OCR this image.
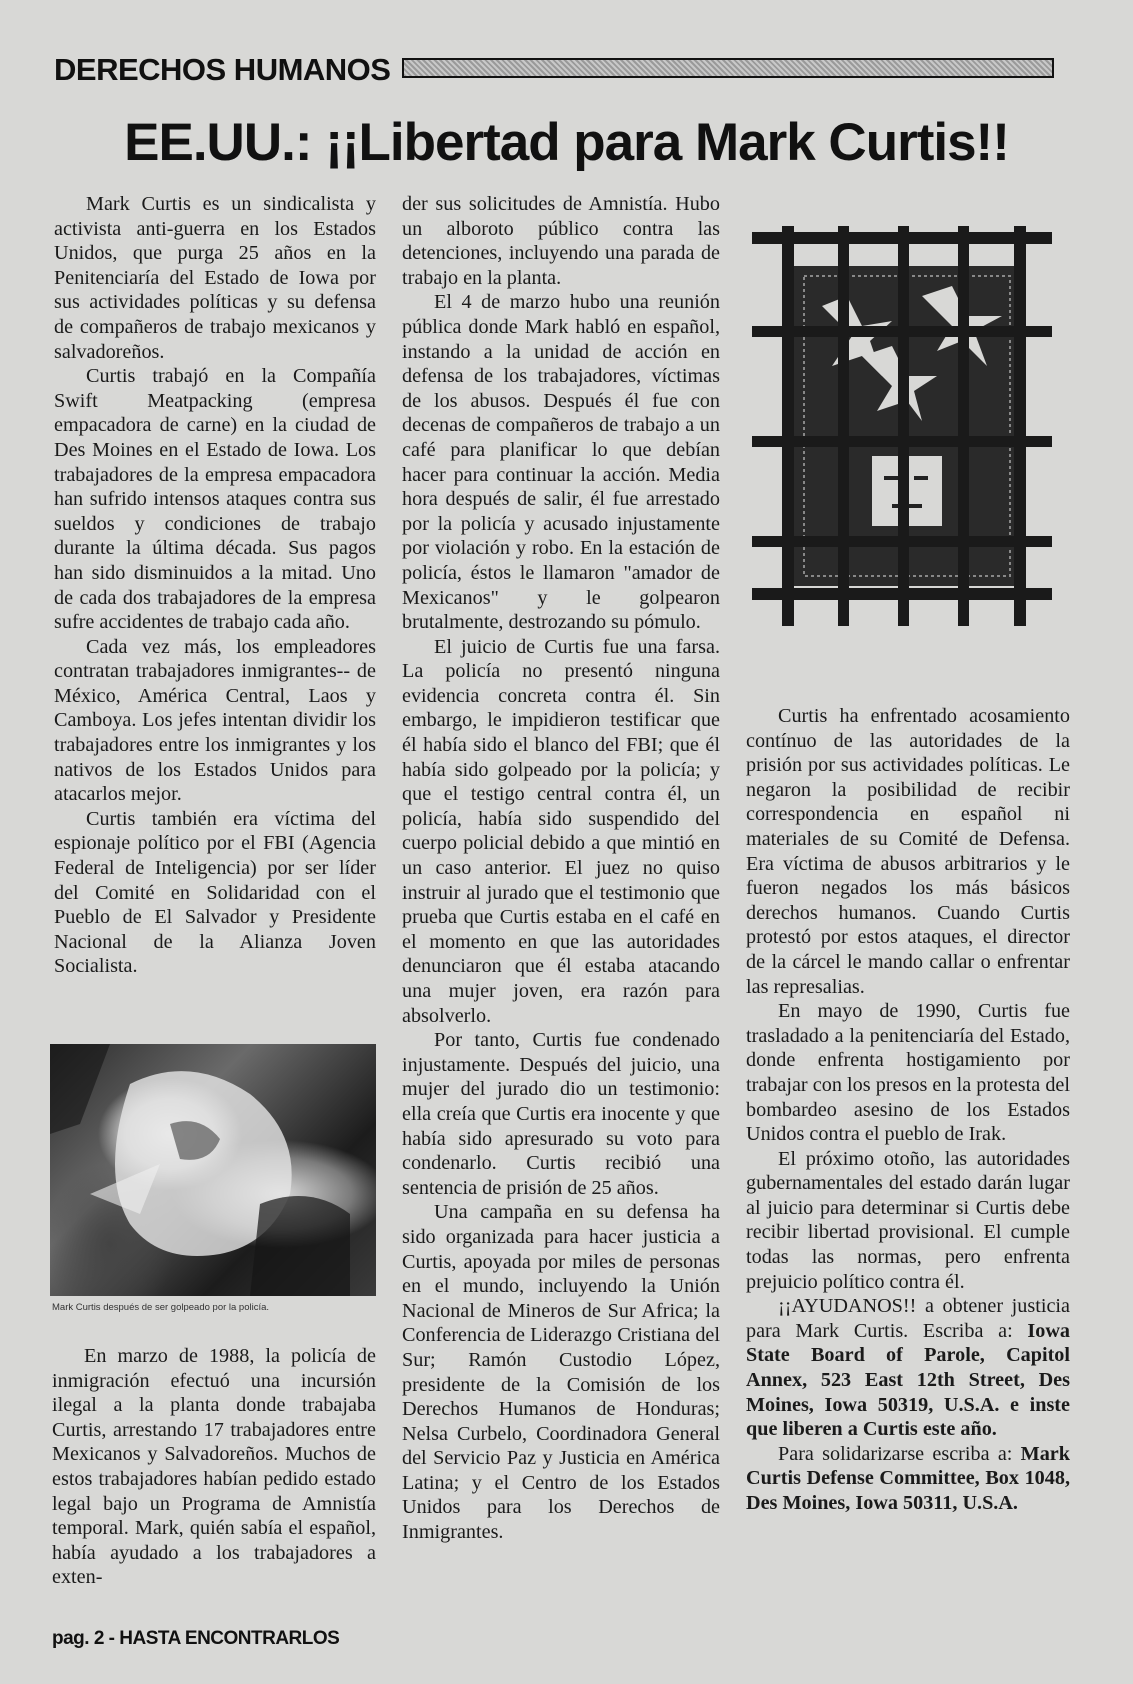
DERECHOS HUMANOS
EE.UU.: ¡¡Libertad para Mark Curtis!!

Mark Curtis es un sindicalista y activista anti-guerra en los Estados Unidos, que purga 25 años en la Penitenciaría del Estado de Iowa por sus actividades políticas y su defensa de compañeros de trabajo mexicanos y salvadoreños.

Curtis trabajó en la Compañía Swift Meatpacking (empresa empacadora de carne) en la ciudad de Des Moines en el Estado de Iowa. Los trabajadores de la empresa empacadora han sufrido intensos ataques contra sus sueldos y condiciones de trabajo durante la última década. Sus pagos han sido disminuidos a la mitad. Uno de cada dos trabajadores de la empresa sufre accidentes de trabajo cada año.

Cada vez más, los empleadores contratan trabajadores inmigrantes-- de México, América Central, Laos y Camboya. Los jefes intentan dividir los trabajadores entre los inmigrantes y los nativos de los Estados Unidos para atacarlos mejor.

Curtis también era víctima del espionaje político por el FBI (Agencia Federal de Inteligencia) por ser líder del Comité en Solidaridad con el Pueblo de El Salvador y Presidente Nacional de la Alianza Joven Socialista.

Mark Curtis después de ser golpeado por la policía.

En marzo de 1988, la policía de inmigración efectuó una incursión ilegal a la planta donde trabajaba Curtis, arrestando 17 trabajadores entre Mexicanos y Salvadoreños. Muchos de estos trabajadores habían pedido estado legal bajo un Programa de Amnistía temporal. Mark, quién sabía el español, había ayudado a los trabajadores a exten-

der sus solicitudes de Amnistía. Hubo un alboroto público contra las detenciones, incluyendo una parada de trabajo en la planta.

El 4 de marzo hubo una reunión pública donde Mark habló en español, instando a la unidad de acción en defensa de los trabajadores, víctimas de los abusos. Después él fue con decenas de compañeros de trabajo a un café para planificar lo que debían hacer para continuar la acción. Media hora después de salir, él fue arrestado por la policía y acusado injustamente por violación y robo. En la estación de policía, éstos le llamaron "amador de Mexicanos" y le golpearon brutalmente, destrozando su pómulo.

El juicio de Curtis fue una farsa. La policía no presentó ninguna evidencia concreta contra él. Sin embargo, le impidieron testificar que él había sido el blanco del FBI; que él había sido golpeado por la policía; y que el testigo central contra él, un policía, había sido suspendido del cuerpo policial debido a que mintió en un caso anterior. El juez no quiso instruir al jurado que el testimonio que prueba que Curtis estaba en el café en el momento en que las autoridades denunciaron que él estaba atacando una mujer joven, era razón para absolverlo.

Por tanto, Curtis fue condenado injustamente. Después del juicio, una mujer del jurado dio un testimonio: ella creía que Curtis era inocente y que había sido apresurado su voto para condenarlo. Curtis recibió una sentencia de prisión de 25 años.

Una campaña en su defensa ha sido organizada para hacer justicia a Curtis, apoyada por miles de personas en el mundo, incluyendo la Unión Nacional de Mineros de Sur Africa; la Conferencia de Liderazgo Cristiana del Sur; Ramón Custodio López, presidente de la Comisión de los Derechos Humanos de Honduras; Nelsa Curbelo, Coordinadora General del Servicio Paz y Justicia en América Latina; y el Centro de los Estados Unidos para los Derechos de Inmigrantes.

Curtis ha enfrentado acosamiento contínuo de las autoridades de la prisión por sus actividades políticas. Le negaron la posibilidad de recibir correspondencia en español ni materiales de su Comité de Defensa. Era víctima de abusos arbitrarios y le fueron negados los más básicos derechos humanos. Cuando Curtis protestó por estos ataques, el director de la cárcel le mando callar o enfrentar las represalias.

En mayo de 1990, Curtis fue trasladado a la penitenciaría del Estado, donde enfrenta hostigamiento por trabajar con los presos en la protesta del bombardeo asesino de los Estados Unidos contra el pueblo de Irak.

El próximo otoño, las autoridades gubernamentales del estado darán lugar al juicio para determinar si Curtis debe recibir libertad provisional. El cumple todas las normas, pero enfrenta prejuicio político contra él.

¡¡AYUDANOS!! a obtener justicia para Mark Curtis. Escriba a: Iowa State Board of Parole, Capitol Annex, 523 East 12th Street, Des Moines, Iowa 50319, U.S.A. e inste que liberen a Curtis este año.

Para solidarizarse escriba a: Mark Curtis Defense Committee, Box 1048, Des Moines, Iowa 50311, U.S.A.

pag. 2 - HASTA ENCONTRARLOS
